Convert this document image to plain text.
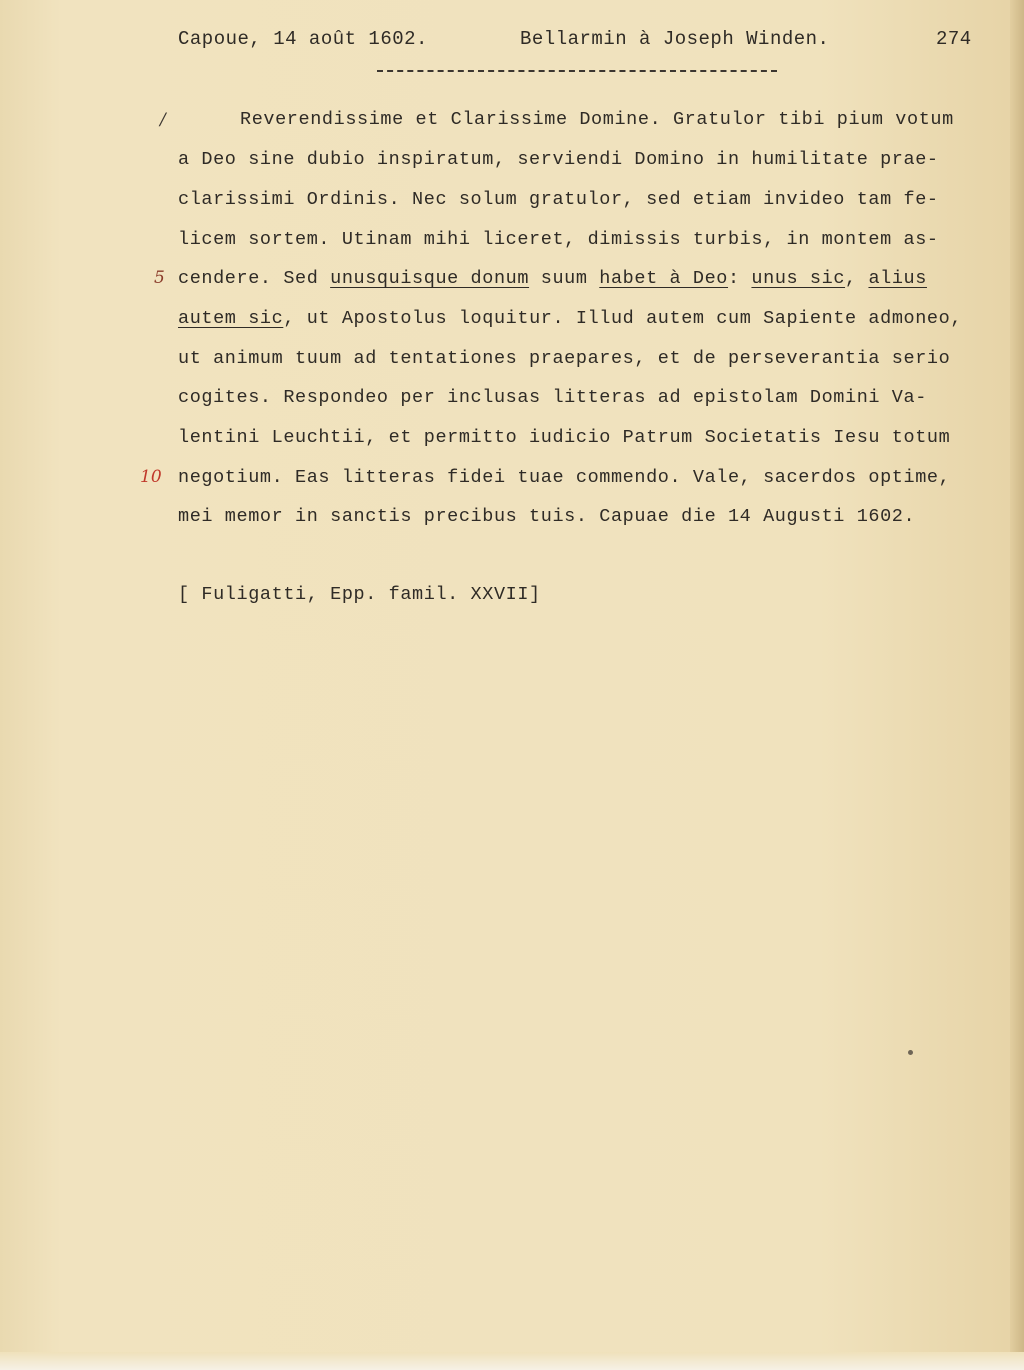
Capoue, 14 août 1602.	Bellarmin à Joseph Winden.	274
/
5
10
Reverendissime et Clarissime Domine. Gratulor tibi pium votum
a Deo sine dubio inspiratum, serviendi Domino in humilitate prae-
clarissimi Ordinis. Nec solum gratulor, sed etiam invideo tam fe-
licem sortem. Utinam mihi liceret, dimissis turbis, in montem as-
cendere. Sed unusquisque donum suum habet à Deo: unus sic, alius
autem sic, ut Apostolus loquitur. Illud autem cum Sapiente admoneo,
ut animum tuum ad tentationes praepares, et de perseverantia serio
cogites. Respondeo per inclusas litteras ad epistolam Domini Va-
lentini Leuchtii, et permitto iudicio Patrum Societatis Iesu totum
negotium. Eas litteras fidei tuae commendo. Vale, sacerdos optime,
mei memor in sanctis precibus tuis. Capuae die 14 Augusti 1602.
[ Fuligatti, Epp. famil. XXVII]
